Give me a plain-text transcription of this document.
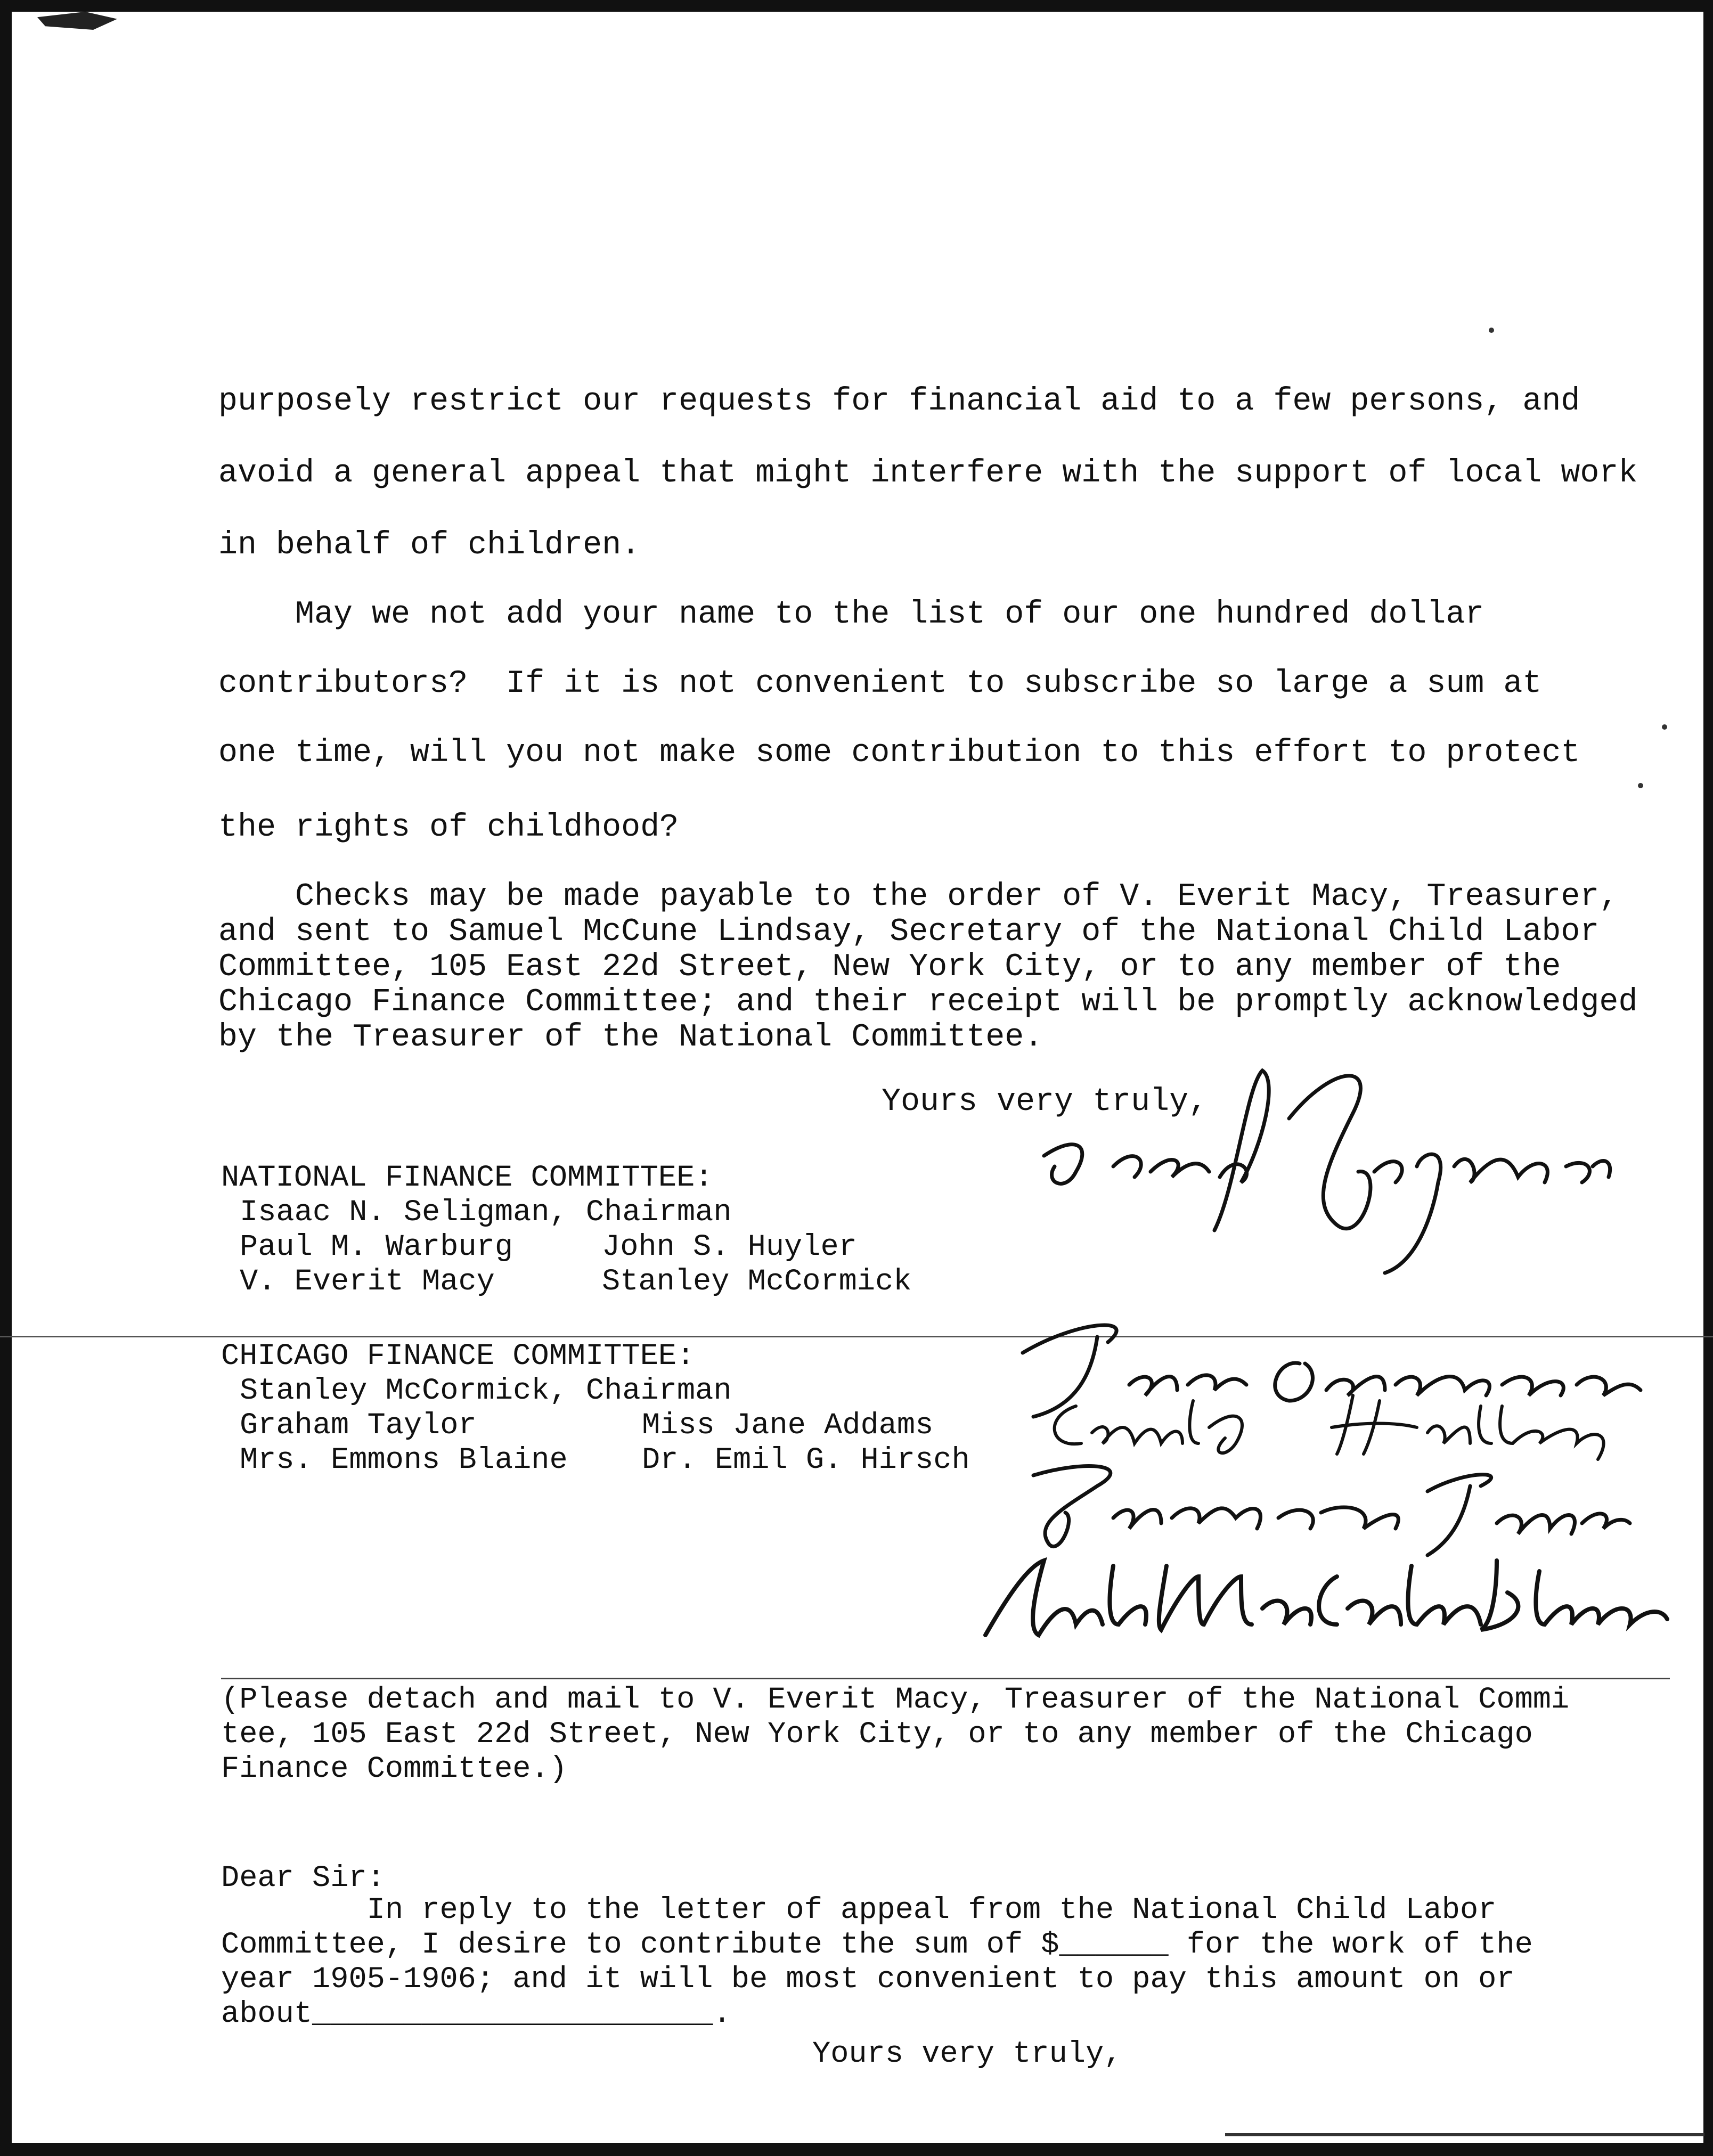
purposely restrict our requests for financial aid to a few persons, and
avoid a general appeal that might interfere with the support of local work
in behalf of children.
May we not add your name to the list of our one hundred dollar
contributors?  If it is not convenient to subscribe so large a sum at
one time, will you not make some contribution to this effort to protect
the rights of childhood?
Checks may be made payable to the order of V. Everit Macy, Treasurer,
and sent to Samuel McCune Lindsay, Secretary of the National Child Labor
Committee, 105 East 22d Street, New York City, or to any member of the
Chicago Finance Committee; and their receipt will be promptly acknowledged
by the Treasurer of the National Committee.
Yours very truly,
NATIONAL FINANCE COMMITTEE:
Isaac N. Seligman, Chairman
Paul M. Warburg	John S. Huyler
V. Everit Macy	Stanley McCormick
CHICAGO FINANCE COMMITTEE:
Stanley McCormick, Chairman
Graham Taylor	Miss Jane Addams
Mrs. Emmons Blaine Dr. Emil G. Hirsch
(Please detach and mail to V. Everit Macy, Treasurer of the National Commi
tee, 105 East 22d Street, New York City, or to any member of the Chicago
Finance Committee.)
Dear Sir:
In reply to the letter of appeal from the National Child Labor
Committee, I desire to contribute the sum of $______ for the work of the
year 1905-1906; and it will be most convenient to pay this amount on or
about______________________.
Yours very truly,
